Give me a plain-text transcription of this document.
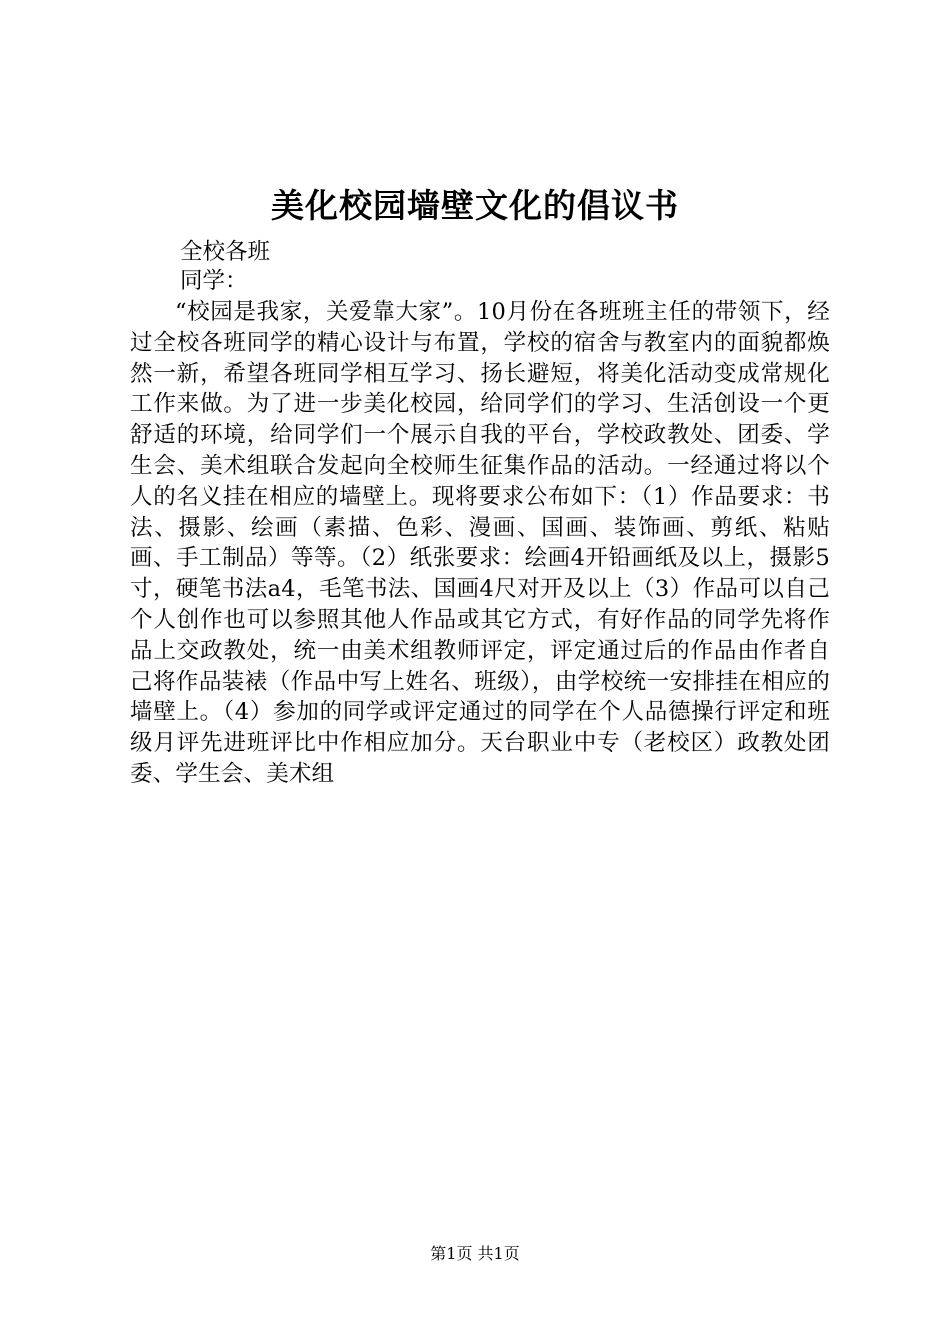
美化校园墙壁文化的倡议书
全校各班
同学：

“校园是我家，关爱靠大家”。10月份在各班班主任的带领下，经过全校各班同学的精心设计与布置，学校的宿舍与教室内的面貌都焕然一新，希望各班同学相互学习、扬长避短，将美化活动变成常规化工作来做。为了进一步美化校园，给同学们的学习、生活创设一个更舒适的环境，给同学们一个展示自我的平台，学校政教处、团委、学生会、美术组联合发起向全校师生征集作品的活动。一经通过将以个人的名义挂在相应的墙壁上。现将要求公布如下：（1）作品要求：书法、摄影、绘画（素描、色彩、漫画、国画、装饰画、剪纸、粘贴画、手工制品）等等。（2）纸张要求：绘画4开铅画纸及以上，摄影5寸，硬笔书法a4，毛笔书法、国画4尺对开及以上（3）作品可以自己个人创作也可以参照其他人作品或其它方式，有好作品的同学先将作品上交政教处，统一由美术组教师评定，评定通过后的作品由作者自己将作品装裱（作品中写上姓名、班级），由学校统一安排挂在相应的墙壁上。（4）参加的同学或评定通过的同学在个人品德操行评定和班级月评先进班评比中作相应加分。天台职业中专（老校区）政教处团委、学生会、美术组

第1页 共1页
